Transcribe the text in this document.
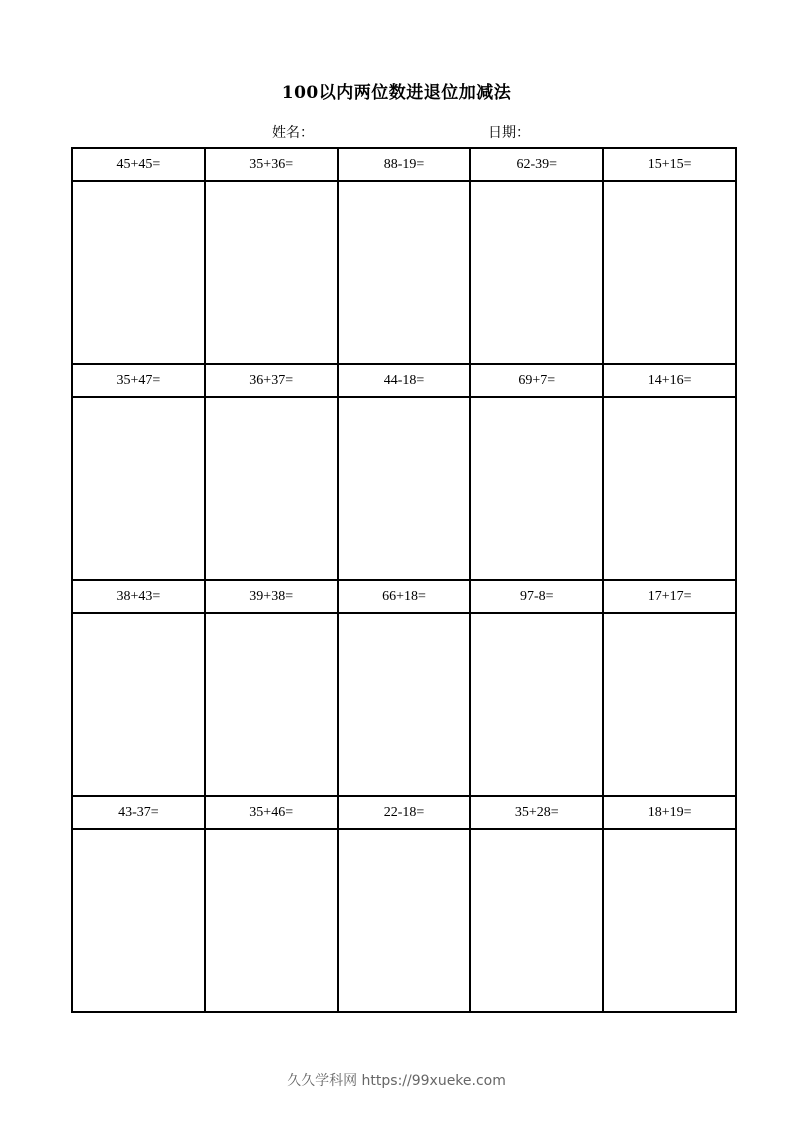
100以内两位数进退位加减法
姓名：	日期：
45+45=	35+36=	88-19=	62-39=	15+15=

35+47=	36+37=	44-18=	69+7=	14+16=

38+43=	39+38=	66+18=	97-8=	17+17=

43-37=	35+46=	22-18=	35+28=	18+19=

久久学科网 https://99xueke.com
